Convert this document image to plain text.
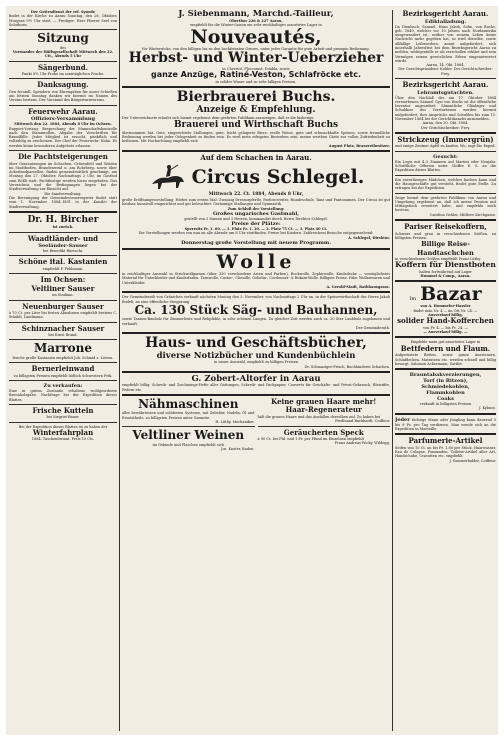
Der Gottesdienst der ref. Synode
findet in der Kirche zu Aarau Sonntag, den 26. Oktober, Morgens 9½ Uhr statt. — Prediger: Herr Pfarrer Seel von Solothurn.
Sitzung
des
Vorstandes der Hülfsgesellschaft Mittwoch den 22. Ctt., Abends 5 Uhr
Sängerbund.
Punkt 8½ Uhr Probe im sonntäglichen Fracke.
Danksagung.
Den freundl. Spendern von Ehrengaben für unser Schießen am letzten Sonntag danken wir hiermit im Namen des Vereins bestens. Der Vorstand des Bürgerturnvereins.
Feuerwehr Aarau.
Offiziers-Versammlung
Mittwoch den 22. 1884, Abends 8 Uhr im Ochsen.
Rapport-Vortrag: Besprechung der Mannschaftskontrolle nach den Stammrollen. Abgabe der Vorschriften für Brandfälle. Jedes Mitglied ist ersucht, pünktlich und vollzählig zu erscheinen. Der Chef der Feuerwehr: Kuhn. Es werden keine besonderen Aufgebote erlassen.
Die Pachtsteigerungen
über Grasnutzungen im Schachen, Grüzenfeld und Weiden im Stadtboden, Brandenweid u. am Rohrberg, sowie über Ackerlandparzellen, finden gemeinderätlich genehmigt, am Montag den 27. Oktober, Nachmittags 2 Uhr, im Gasthof zum Rößli statt. Pachtlustige werden hiezu eingeladen. Das Verzeichnis und die Bedingungen liegen bei der Stadtverwaltung zur Einsicht auf.
Die Sandverwaltung.
Die Bereinigung der Gemeindesteuerregister findet statt vom 1. November 1884–1891 in der Kanzlei der Stadtverwaltung.
Dr. H. Bircher
ist zurück.
Waadtländer- und
Seeländer-Sauser
bei Benedikt Rüetschi.
Schöne ital. Kastanien
empfiehlt F. Fehlmann.
Im Ochsen:
Veltliner Sauser
im Stadium.
Neuenburger Sauser
à 70 Ct. per Liter bei festen Abnahmen empfiehlt bestens C. Stäubli, Landmann.
Schinznacher Sauser
bei Ernst Brand.
Marrone
frische große Kastanien empfiehlt Joh. Schmid z. Löwen.
Bernerleinwand
zu billigsten Preisen empfiehlt höflich Schwestern Frik.
Zu verkaufen:
Eine in gutem Zustande erhaltene wohlgeordnete Brennholzgabe. Nachfrage bei der Expedition dieses Blattes.
Frische Kutteln
bei Siegrist-Bauer.
Bei der Expedition dieses Blattes ist zu haben der
Winterfahrplan
1884. Taschenformat. Preis 10 Cts.
J. Siebenmann, Marchd.-Tailleur,
Oberthor 226 & 227 Aarau,
empfiehlt für die Winter-Saison ein sehr reichhaltiges assortirtes Lager in
Nouveautés,
für Winterröcke, von den billigen bis zu den hochfeinsten Genres, unter jeder Garantie für gute Arbeit und prompte Bedienung.
Herbst- und Winter-Ueberzieher
in Chevriot, Flocconné, Doubla, sowie
ganze Anzüge, Ratiné-Veston, Schlafröcke etc.
in solider Waare und zu sehr billigen Preisen.
Bierbrauerei Buchs.
Anzeige & Empfehlung.
Der Unterzeichnete erlaubt sich hiemit ergebenst dem geehrten Publikum anzuzeigen, daß er die bisherige
Brauerei und Wirthschaft Buchs
übernommen hat. Gute, eingerichtete Stallungen, gute, leicht gelagerte Biere, reelle Weine, gute und schmackhafte Speisen, sowie freundliche Bedienung werden bei jeder Gelegenheit zu finden sein. Es wird mein eifrigstes Bestreben sein, meine werthen Gäste zur vollen Zufriedenheit zu bedienen. Mit Hochachtung empfiehlt sich
August Platz, Brauereibesitzer.
Auf dem Schachen in Aarau.
Circus Schlegel.
Mittwoch 22. Ct. 1884, Abends 8 Uhr,
große Eröffnungsvorstellung. Hiebei zum ersten Mal: Zwanzig Dressurpferde, Parforcereiter, Hundeschule, Tanz und Pantomimen. Der Circus ist gut heizbar, kunstvoll eingerichtet und gut beleuchtet. Geräumige Stallungen und Gymnastik.
Zum Schluß der Vorstellung:
Großes ungarisches Gastmahl,
gestellt von 3 Damen und 3 Herren, kommandirt durch Herrn Direktor Schlegel.
Preise der Plätze:
Sperrsitz Fr. 1. 60. — 1. Platz Fr. 1. 20. — 2. Platz 75 Ct. — 3. Platz 40 Ct.
Die Vorstellungen werden von nun an alle Abende um 8 Uhr stattfinden. Preise bei Kindern. Zahlreichem Besuche entgegensehend:
A. Schlegel, Direktor.
Donnerstag große Vorstellung mit neuem Programm.
Wolle
in reichhaltiger Auswahl in Strickwollgarnen (über 350 verschiedene Arten und Farben), Rockwolle, Zephirwolle, Kindsdecke — vorzüglichstes Material für Unterkleider und Kinderfaden. Tarnwolle, Castor-, Chenille, Gobelin-, Cordonnet- & Rokaïn-Wolle. Billigste Preise. Fabr. Wollenwaren und Unterkleider.
A. Gerold-Stadt, Rathhausgasse.
Der Gemeinderath von Gränichen verkauft nächsten Montag den 3. November, von Nachmittags 2 Uhr an, in der Speisewirthschaft des Herrn Jakob Bodeli, an eine öffentliche Steigerung
Ca. 130 Stück Säg- und Bauhannen,
sowie Tannen-Bauholz für Zimmerleute und Rebpfähle, in sehr schönen Längen. Zu gleicher Zeit werden auch ca. 20 Ster Laubholz zugehauen und verkauft.
Der Gemeinderath.
Haus- und Geschäftsbücher,
diverse Notizbücher und Kundenbüchlein
in neuer Auswahl, empfiehlt zu billigen Preisen
Dr. Schmuziger-Frisch, Buchbinderei Schachen.
G. Zobert-Altorfer in Aarau
empfiehlt billig: Schreib- und Zeichnungs-Hefte aller Gattungen, Schreib- und Packpapier, Couverts für Geschäfts- und Privat-Gebrauch, Bleistifte, Federn etc.
Nähmaschinen
aller bewährtesten und solidesten Systeme, mit Zubehör, Nadeln, Öl und Ersatztheile, zu billigsten Preisen unter Garantie.
H. Lüthy, Mechaniker.
Veltliner Weinen
im Gebinde und Flaschen empfiehlt sich
Jos. Kuster, Baden.
Keine grauen Haare mehr!
Haar-Regenerateur
hält die grauen Haare und das Ausfallen derselben auf. Zu haben bei
Ferdinand Burkhardt, Coiffeur.
Geräucherten Speck
à 90 Ct. bei Pfd. und 1 Fr. per Pfund im Einzelnen empfiehlt
Franz Andreas-Wicky, Wildegg.
Bezirksgericht Aarau.
Ediktalladung.
Da Dienbach, Samuel, Hans Jakob, Sohn, von Buchs, geb. 1849, welcher vor 10 Jahren nach Nordamerika ausgewandert ist, seither von seinem Leben keine Nachricht mehr gegeben hat, so wird derselbe, sowie allfällige Leibeserben, anmit aufgefordert, sich innerhalb Jahresfrist bei dem Bezirksgericht Aarau zu melden, widrigenfalls er als verschollen erklärt und sein Vermögen seinen gesetzlichen Erben eingeantwortet würde.
Aarau, 14. Okt. 1884.
Der Gerichtspräsident: Kohler. Der Gerichtschreiber: Frey.
Bezirksgericht Aarau.
Lehramtsgutachten.
Über den Nachlaß des am 17. Oktober 1884 verstorbenen Samuel Gysi von Buchs ist die öffentliche Inventur angeordnet. Sämmtliche Gläubiger und Schuldner des Verstorbenen werden hiermit aufgefordert, ihre Ansprüche und Schulden bis zum 15. November 1884 bei der Gerichtskanzlei anzumelden.
Aarau, den 20. Okt. 1884.
Der Gerichtschreiber: Frey.
Strickzeug (Immergrün)
und einige Zentner Apfel zu kaufen. Wo, sagt Die Exped.
Gesucht:
Ein Logis mit 4–5 Zimmern auf Martini oder Neujahr. Schriftliche Offerten unter Chiffre E. S. an die Expedition dieses Blattes.
Ein zuverlässiges Mädchen, welches kochen kann und die Hausgeschäfte gut versteht, findet gute Stelle. Zu erfragen bei der Expedition.
Zeige hiemit dem geehrten Publikum von Aarau und Umgebung ergebenst an, daß ich meine Pension mit Mittagstisch erweitert habe, und empfehle mich bestens.
Carolina Gehler, Mittlere Kirchgasse.
Pariser Reisekoffern,
Schwarz und grau in verschiedenen Größen, zu billigsten Preisen.
Billige Reise-Handtaschchen
in verschiedenen Größen empfiehlt Franz Lüthy.
Koffern für Dienstboten
halten fortwährend auf Lager
Hummel & Comp., Aarau.
Im Bazar
von A. Hommeler-Hassler
findet man Nr. 4 — im Ort Nr. 24. —
Ausverkauf billig.
solider Hand-Kofferchen
von Fr. 4. — bis Fr. 24. —
— Ausverkauf billig. —
Empfehle mein gut assortirtes Lager in
Bettfedern und Flaum.
Aufgerüstete Betten, sowie ganze Aussteuern, Schlafdecken, Matratzen etc. werden schnell und billig besorgt. Salomon Ackermann, Sattler.
Brauntabakverzierungen,
Torf (in Ritzen),
Schmiedekohlen,
Flammkohlen
Coaks
verkauft in billigsten Preisen
J. Kyburz.
Jeder tüchtige Mann oder Jüngling kann dauernd 5 bis 8 Fr. pro Tag verdienen. Man wende sich an die Expedition in Marseille.
Parfumerie-Artikel
Seifen von 10 Ct. an bis Fr. 1.80 per Stück. Haarwasser, Eau de Cologne, Pommaden, Toilette-Artikel aller Art, Handschuhe, Cravatten etc. empfiehlt
J. Sommerhalder, Coiffeur.
